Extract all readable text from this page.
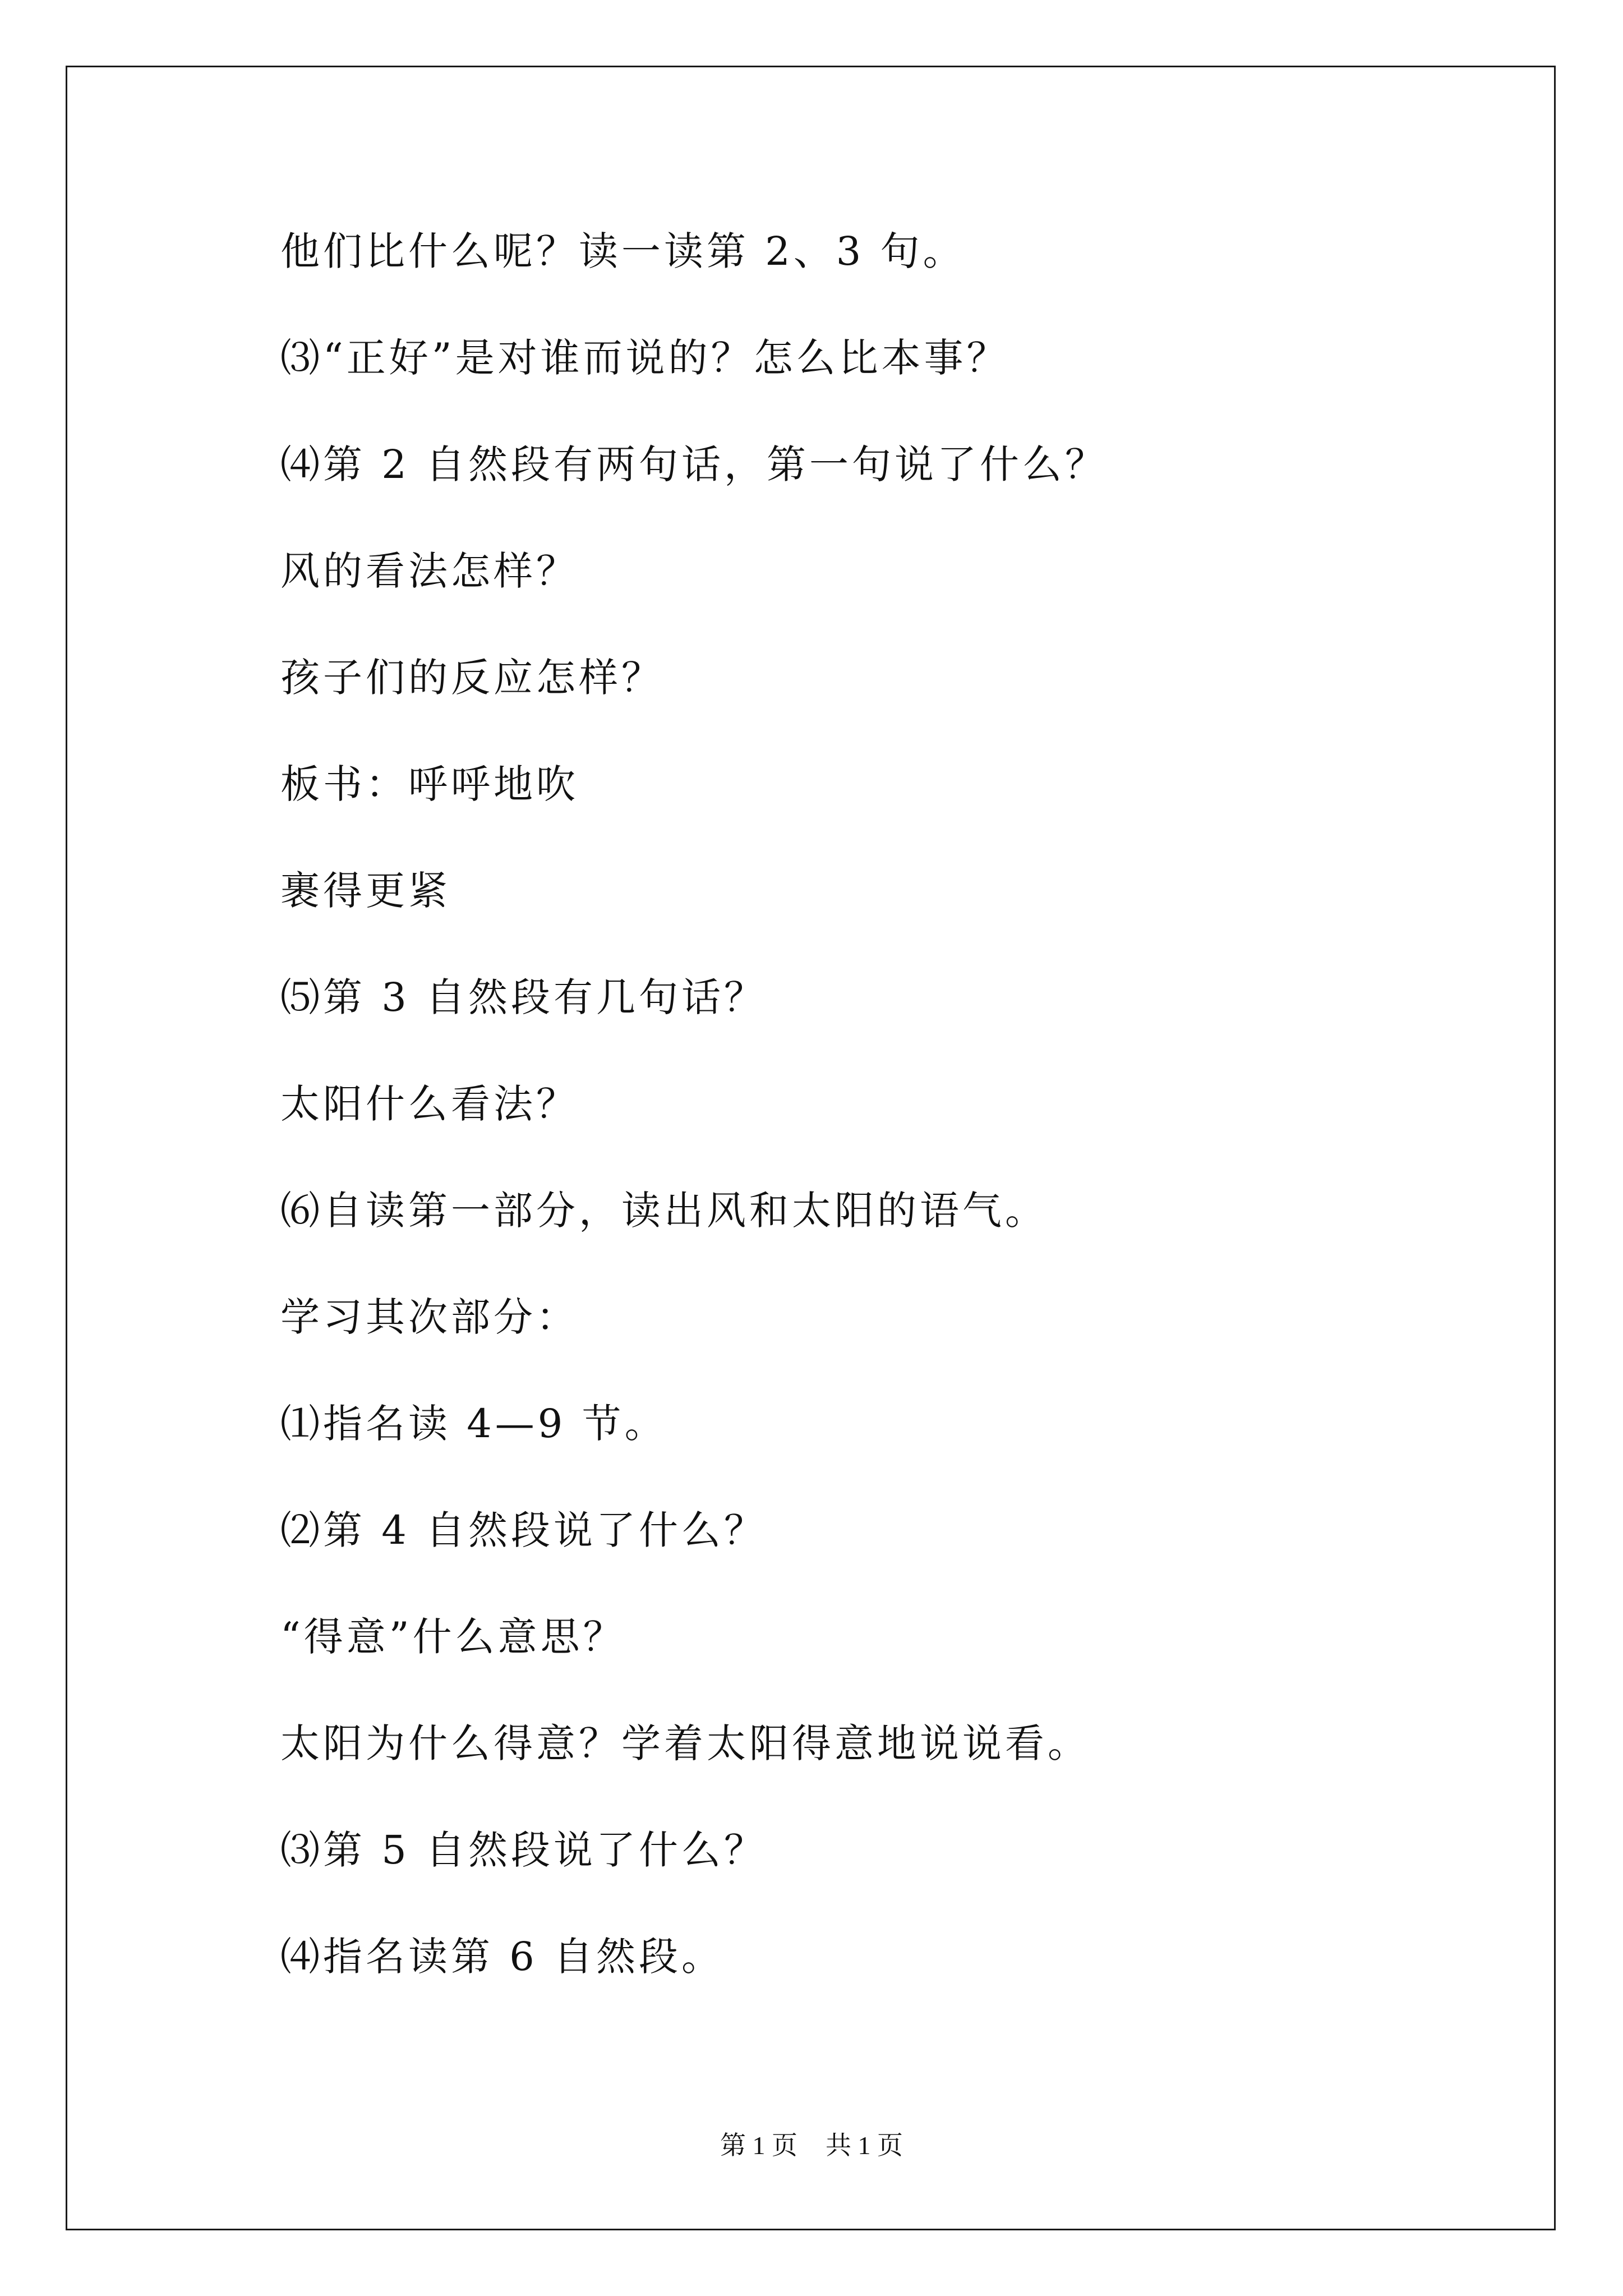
他们比什么呢？读一读第 2、3 句。
⑶“正好”是对谁而说的？怎么比本事？
⑷第 2 自然段有两句话，第一句说了什么？
风的看法怎样？
孩子们的反应怎样？
板书：呼呼地吹
裹得更紧
⑸第 3 自然段有几句话？
太阳什么看法？
⑹自读第一部分，读出风和太阳的语气。
学习其次部分：
⑴指名读 4—9 节。
⑵第 4 自然段说了什么？
“得意”什么意思？
太阳为什么得意？学着太阳得意地说说看。
⑶第 5 自然段说了什么？
⑷指名读第 6 自然段。
第 1 页 共 1 页
